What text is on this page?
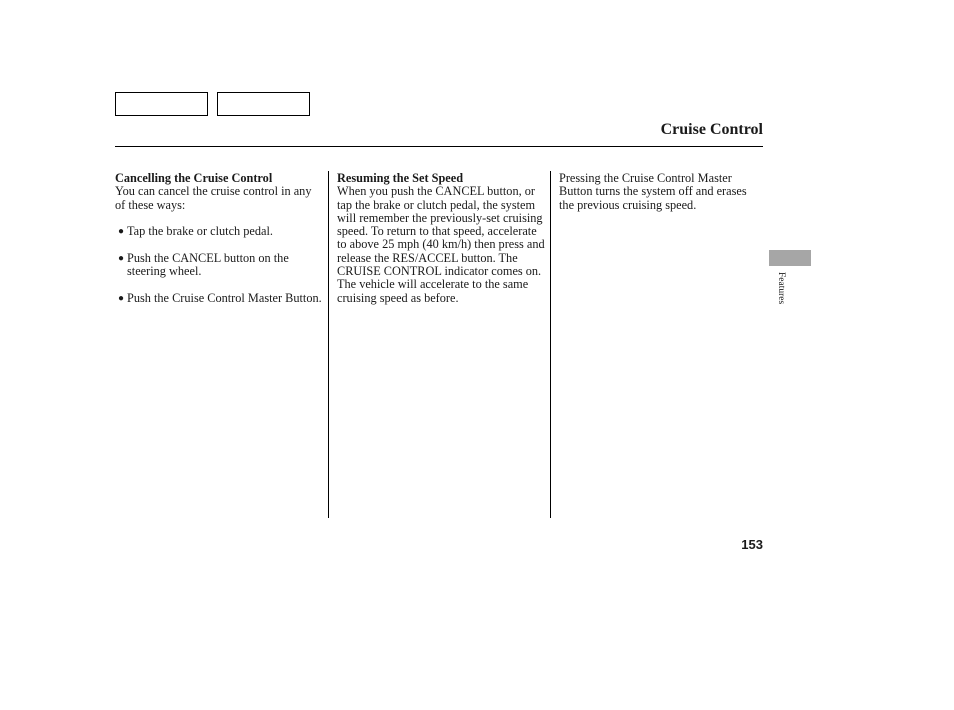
Cruise Control
Cancelling the Cruise Control
You can cancel the cruise control in any of these ways:
● Tap the brake or clutch pedal.
● Push the CANCEL button on the steering wheel.
● Push the Cruise Control Master Button.
Resuming the Set Speed
When you push the CANCEL button, or tap the brake or clutch pedal, the system will remember the previously-set cruising speed. To return to that speed, accelerate to above 25 mph (40 km/h) then press and release the RES/ACCEL button. The CRUISE CONTROL indicator comes on. The vehicle will accelerate to the same cruising speed as before.
Pressing the Cruise Control Master Button turns the system off and erases the previous cruising speed.
Features
153
